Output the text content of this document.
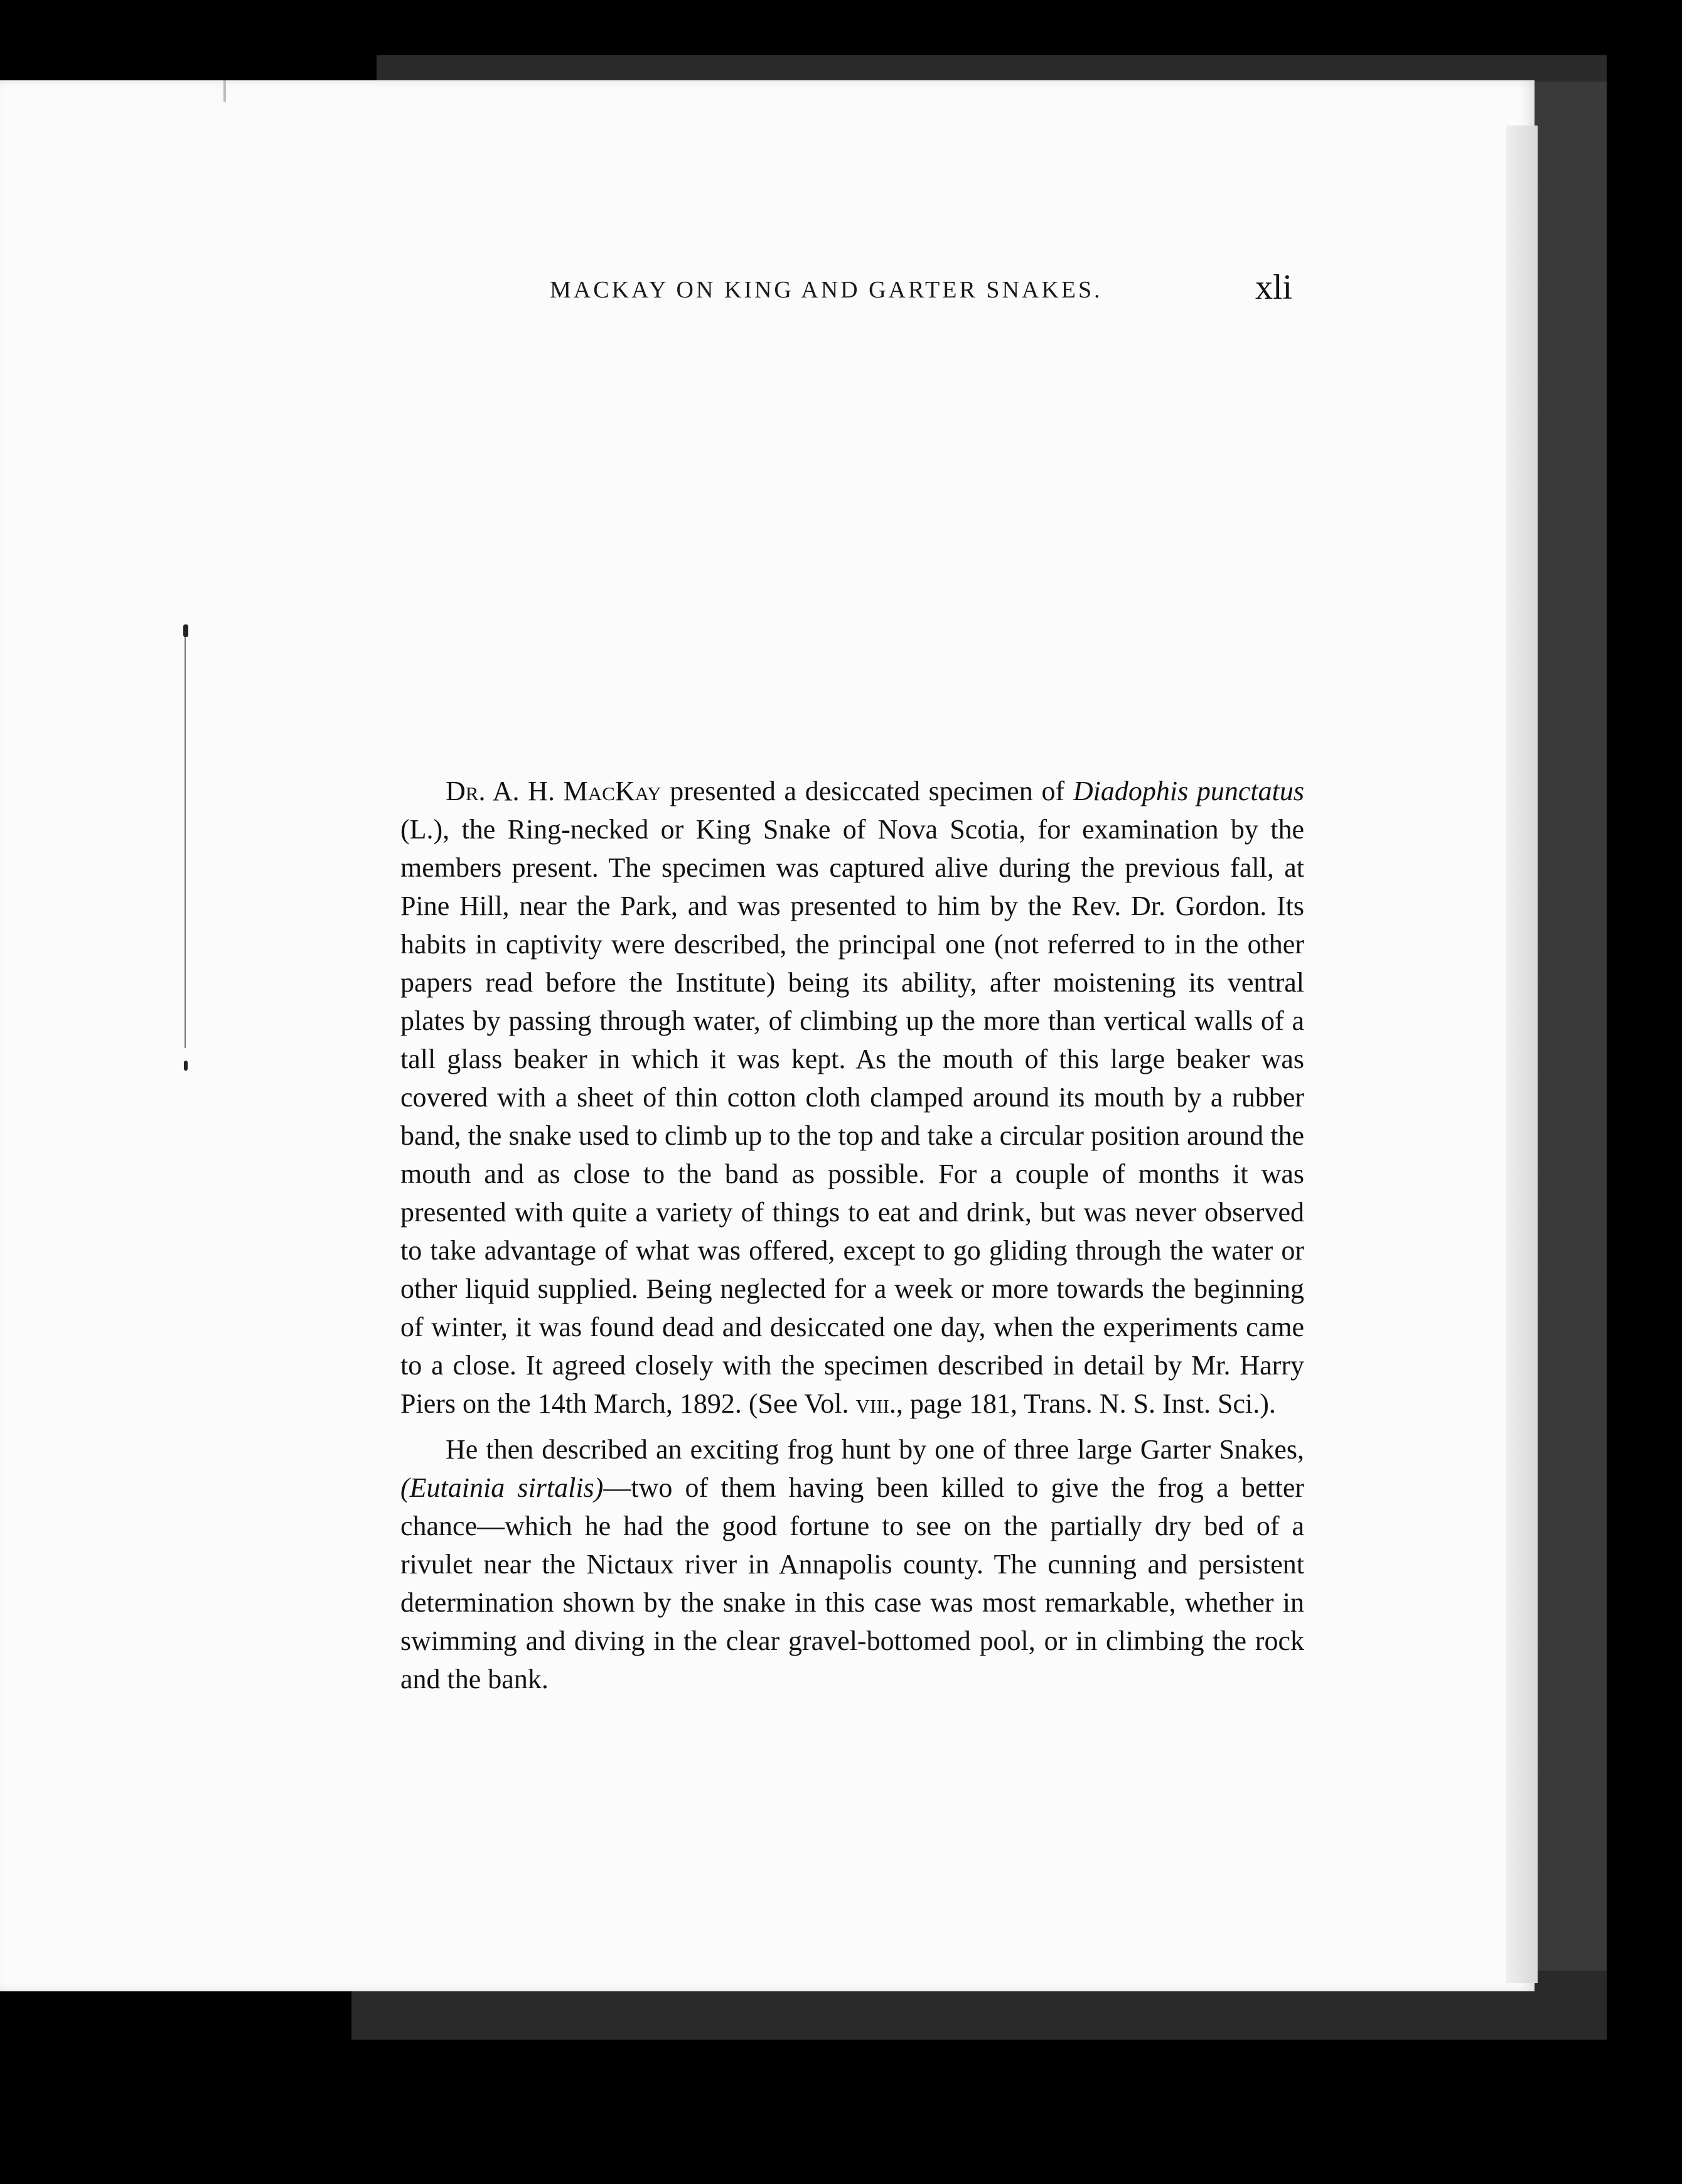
MACKAY ON KING AND GARTER SNAKES.	xli

Dr. A. H. MacKay presented a desiccated specimen of Diadophis punctatus (L.), the Ring-necked or King Snake of Nova Scotia, for examination by the members present. The specimen was captured alive during the previous fall, at Pine Hill, near the Park, and was presented to him by the Rev. Dr. Gordon. Its habits in captivity were described, the principal one (not referred to in the other papers read before the Institute) being its ability, after moistening its ventral plates by passing through water, of climbing up the more than vertical walls of a tall glass beaker in which it was kept. As the mouth of this large beaker was covered with a sheet of thin cotton cloth clamped around its mouth by a rubber band, the snake used to climb up to the top and take a circular position around the mouth and as close to the band as possible. For a couple of months it was presented with quite a variety of things to eat and drink, but was never observed to take advantage of what was offered, except to go gliding through the water or other liquid supplied. Being neglected for a week or more towards the beginning of winter, it was found dead and desiccated one day, when the experiments came to a close. It agreed closely with the specimen described in detail by Mr. Harry Piers on the 14th March, 1892. (See Vol. viii., page 181, Trans. N. S. Inst. Sci.).

He then described an exciting frog hunt by one of three large Garter Snakes, (Eutainia sirtalis)—two of them having been killed to give the frog a better chance—which he had the good fortune to see on the partially dry bed of a rivulet near the Nictaux river in Annapolis county. The cunning and persistent determination shown by the snake in this case was most remarkable, whether in swimming and diving in the clear gravel-bottomed pool, or in climbing the rock and the bank.
